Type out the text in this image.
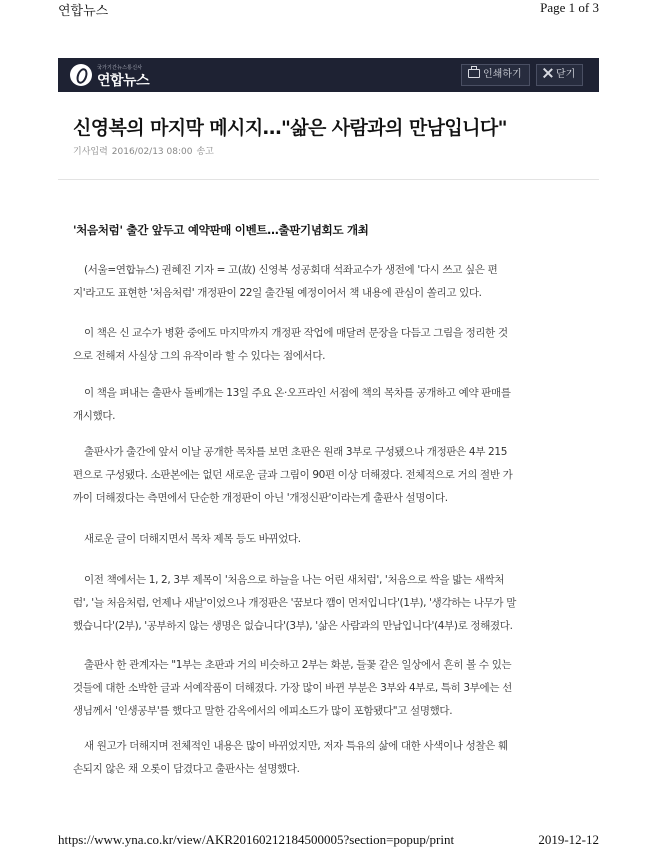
연합뉴스	Page 1 of 3
국가기간뉴스통신사
연합뉴스	인쇄하기	닫기
신영복의 마지막 메시지…"삶은 사람과의 만남입니다"
기사입력 2016/02/13 08:00 송고
'처음처럼' 출간 앞두고 예약판매 이벤트…출판기념회도 개최
(서울=연합뉴스) 권혜진 기자 = 고(故) 신영복 성공회대 석좌교수가 생전에 '다시 쓰고 싶은 편
지'라고도 표현한 '처음처럼' 개정판이 22일 출간될 예정이어서 책 내용에 관심이 쏠리고 있다.
이 책은 신 교수가 병환 중에도 마지막까지 개정판 작업에 매달려 문장을 다듬고 그림을 정리한 것
으로 전해져 사실상 그의 유작이라 할 수 있다는 점에서다.
이 책을 펴내는 출판사 돌베개는 13일 주요 온·오프라인 서점에 책의 목차를 공개하고 예약 판매를
개시했다.
출판사가 출간에 앞서 이날 공개한 목차를 보면 초판은 원래 3부로 구성됐으나 개정판은 4부 215
편으로 구성됐다. 소판본에는 없던 새로운 글과 그림이 90편 이상 더해졌다. 전체적으로 거의 절반 가
까이 더해졌다는 측면에서 단순한 개정판이 아닌 '개정신판'이라는게 출판사 설명이다.
새로운 글이 더해지면서 목차 제목 등도 바뀌었다.
이전 책에서는 1, 2, 3부 제목이 '처음으로 하늘을 나는 어린 새처럼', '처음으로 싹을 밟는 새싹처
럼', '늘 처음처럼, 언제나 새날'이었으나 개정판은 '꿈보다 깸이 먼저입니다'(1부), '생각하는 나무가 말
했습니다'(2부), '공부하지 않는 생명은 없습니다'(3부), '삶은 사람과의 만남입니다'(4부)로 정해졌다.
출판사 한 관계자는 "1부는 초판과 거의 비슷하고 2부는 화분, 들꽃 같은 일상에서 흔히 볼 수 있는
것들에 대한 소박한 글과 서예작품이 더해졌다. 가장 많이 바뀐 부분은 3부와 4부로, 특히 3부에는 선
생님께서 '인생공부'를 했다고 말한 감옥에서의 에피소드가 많이 포함됐다"고 설명했다.
새 원고가 더해지며 전체적인 내용은 많이 바뀌었지만, 저자 특유의 삶에 대한 사색이나 성찰은 훼
손되지 않은 채 오롯이 담겼다고 출판사는 설명했다.
https://www.yna.co.kr/view/AKR20160212184500005?section=popup/print	2019-12-12
